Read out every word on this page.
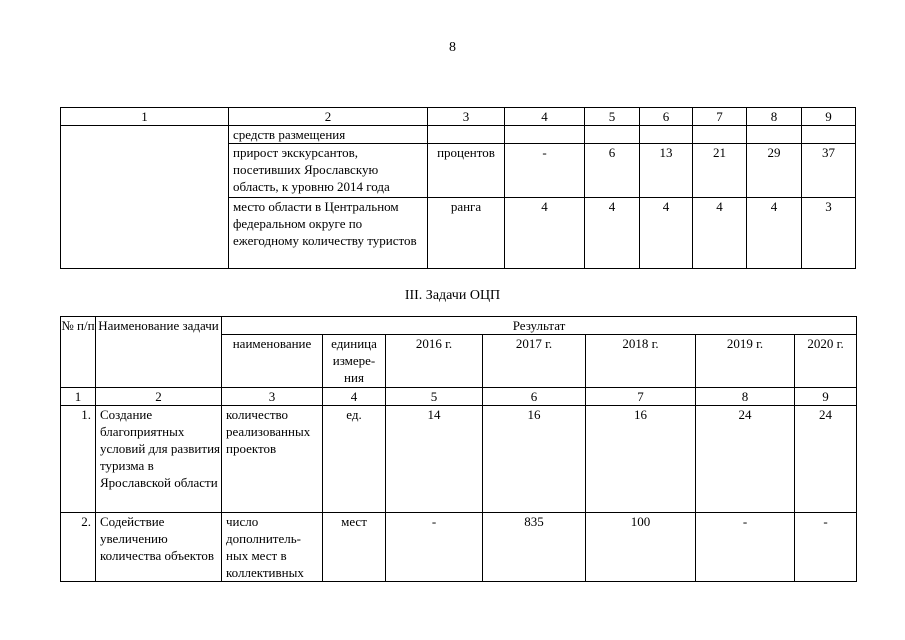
8
1	2	3	4	5	6	7	8	9
	средств размещения							
	прирост экскурсантов, посетивших Ярославскую область, к уровню 2014 года	процентов	-	6	13	21	29	37
	место области в Центральном федеральном округе по ежегодному количеству туристов	ранга	4	4	4	4	4	3
III. Задачи ОЦП
№ п/п	Наименование задачи	Результат						
		наименование	единица измере-ния	2016 г.	2017 г.	2018 г.	2019 г.	2020 г.
1	2	3	4	5	6	7	8	9
1.	Создание благоприятных условий для развития туризма в Ярославской области	количество реализованных проектов	ед.	14	16	16	24	24
2.	Содействие увеличению количества объектов	число дополнитель-ных мест в коллективных	мест	-	835	100	-	-
